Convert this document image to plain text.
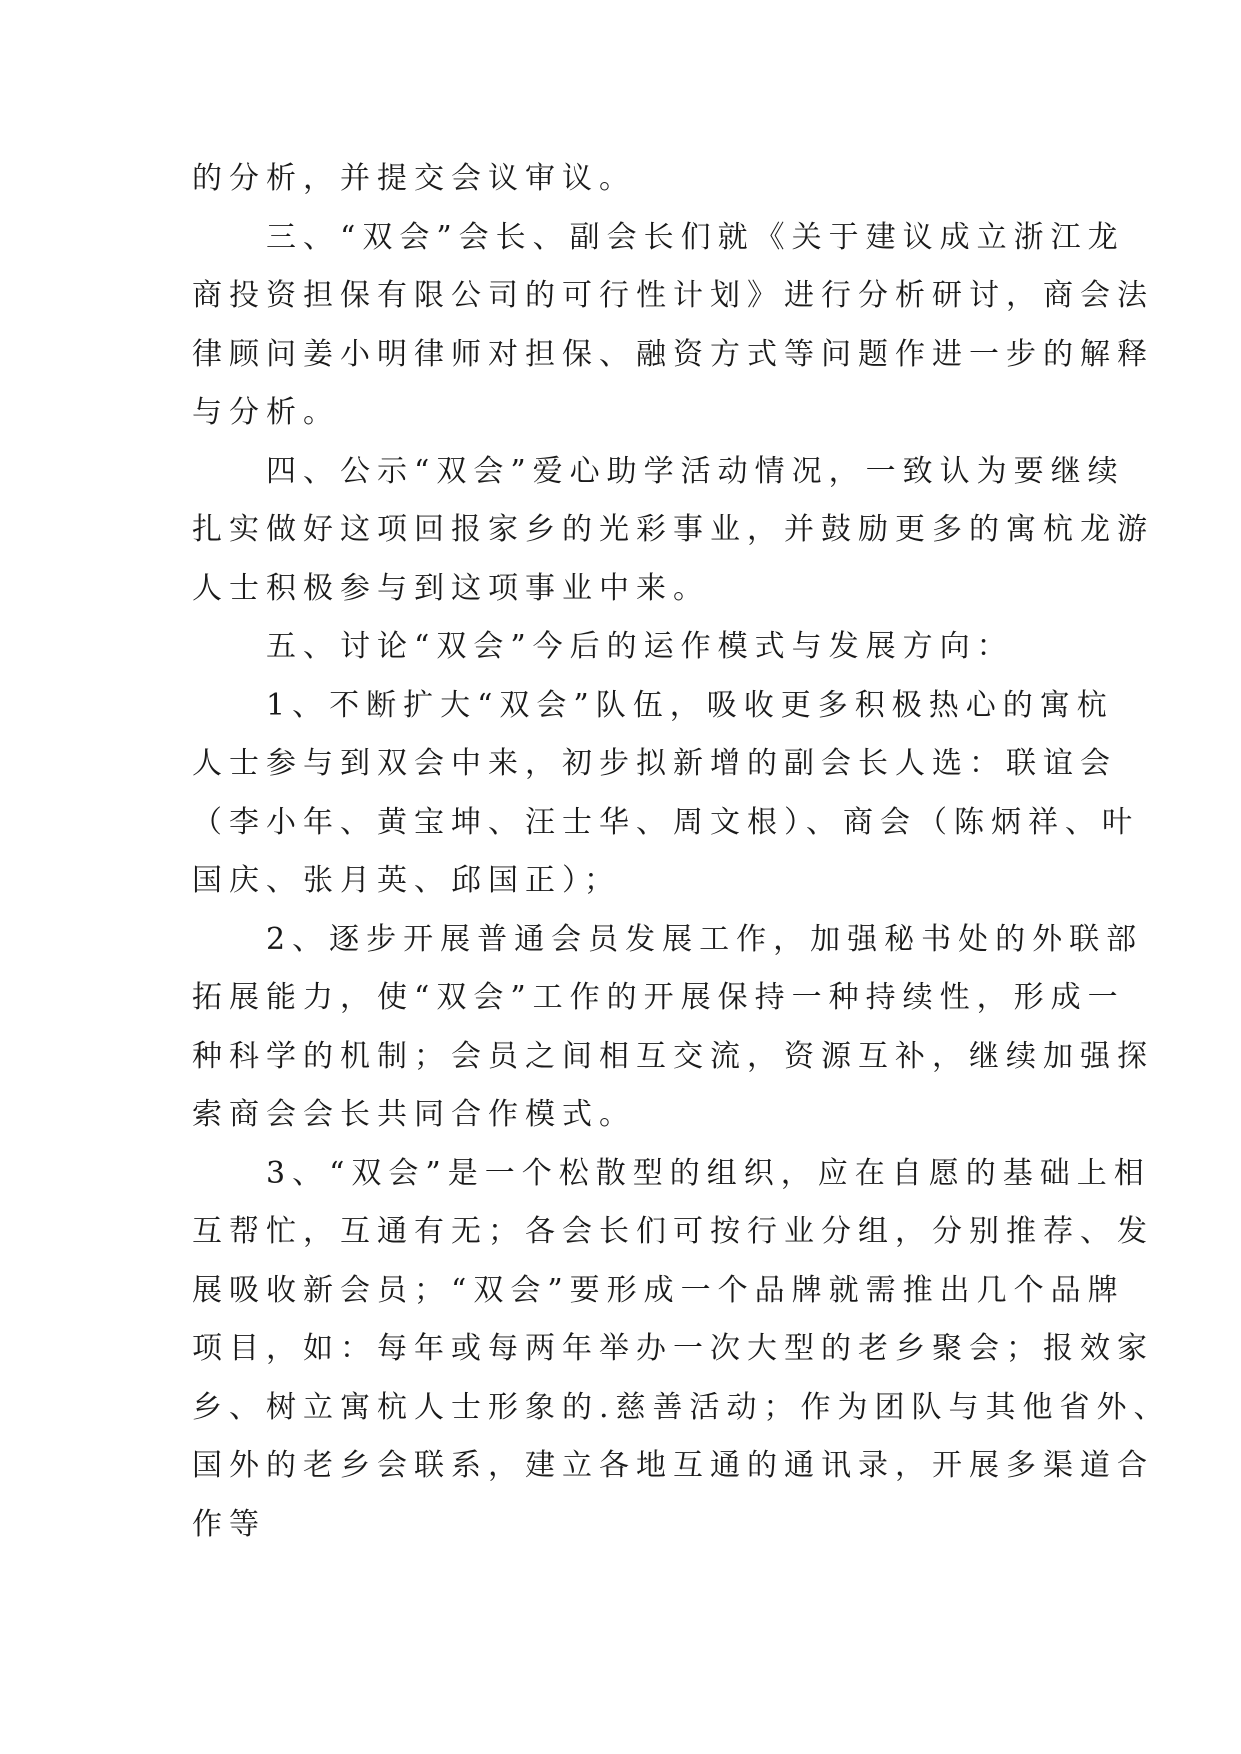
的分析，并提交会议审议。

三、“双会”会长、副会长们就《关于建议成立浙江龙

商投资担保有限公司的可行性计划》进行分析研讨，商会法

律顾问姜小明律师对担保、融资方式等问题作进一步的解释

与分析。

四、公示“双会”爱心助学活动情况，一致认为要继续

扎实做好这项回报家乡的光彩事业，并鼓励更多的寓杭龙游

人士积极参与到这项事业中来。

五、讨论“双会”今后的运作模式与发展方向：

1、不断扩大“双会”队伍，吸收更多积极热心的寓杭

人士参与到双会中来，初步拟新增的副会长人选：联谊会

（李小年、黄宝坤、汪士华、周文根）、商会（陈炳祥、叶

国庆、张月英、邱国正）；

2、逐步开展普通会员发展工作，加强秘书处的外联部

拓展能力，使“双会”工作的开展保持一种持续性，形成一

种科学的机制；会员之间相互交流，资源互补，继续加强探

索商会会长共同合作模式。

3、“双会”是一个松散型的组织，应在自愿的基础上相

互帮忙，互通有无；各会长们可按行业分组，分别推荐、发

展吸收新会员；“双会”要形成一个品牌就需推出几个品牌

项目，如：每年或每两年举办一次大型的老乡聚会；报效家

乡、树立寓杭人士形象的.慈善活动；作为团队与其他省外、

国外的老乡会联系，建立各地互通的通讯录，开展多渠道合

作等
